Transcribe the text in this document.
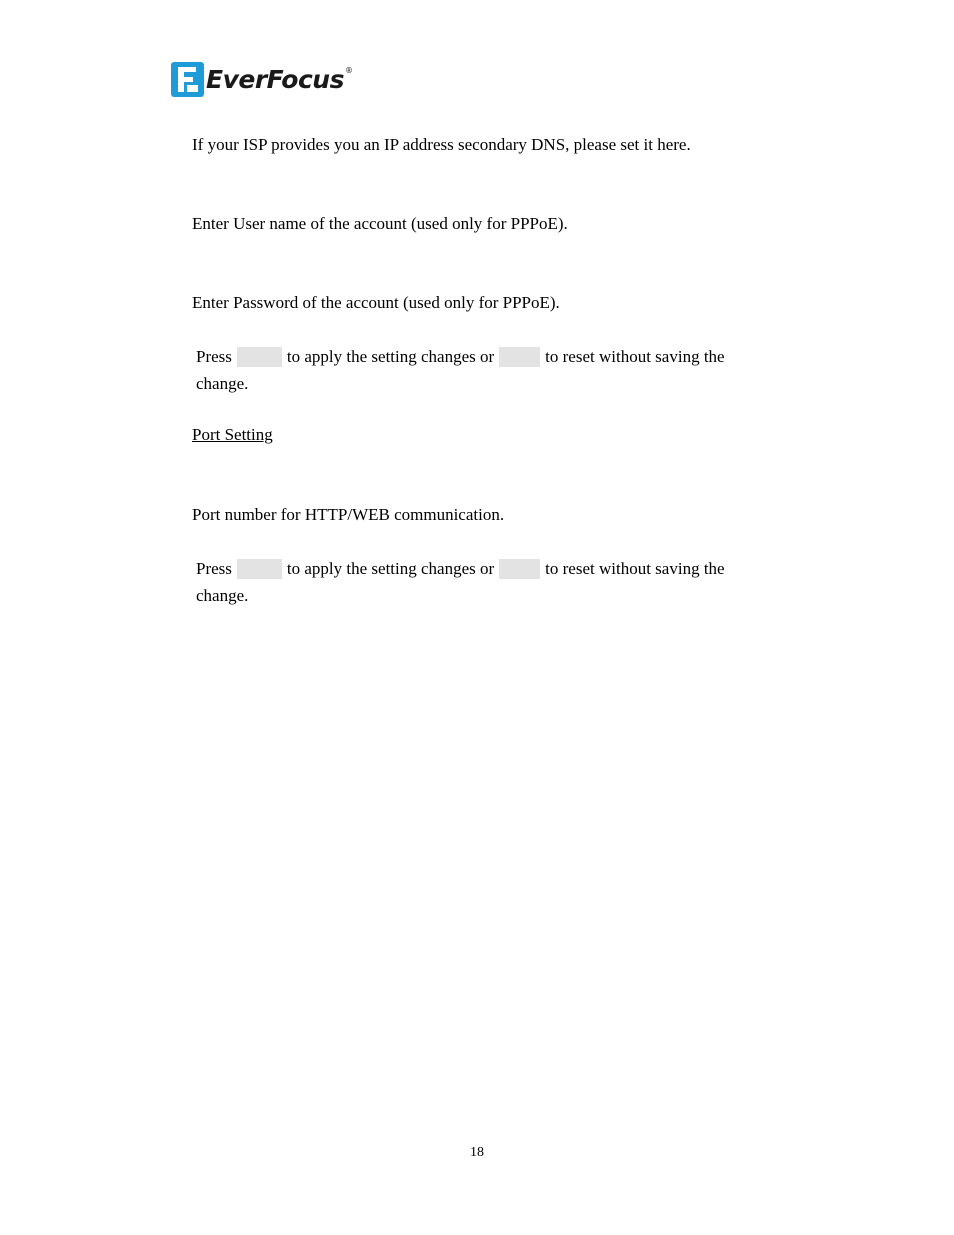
EverFocus ®

If your ISP provides you an IP address secondary DNS, please set it here.

Enter User name of the account (used only for PPPoE).

Enter Password of the account (used only for PPPoE).

Press	to apply the setting changes or	to reset without saving the
change.

Port Setting

Port number for HTTP/WEB communication.

Press	to apply the setting changes or	to reset without saving the
change.
18
